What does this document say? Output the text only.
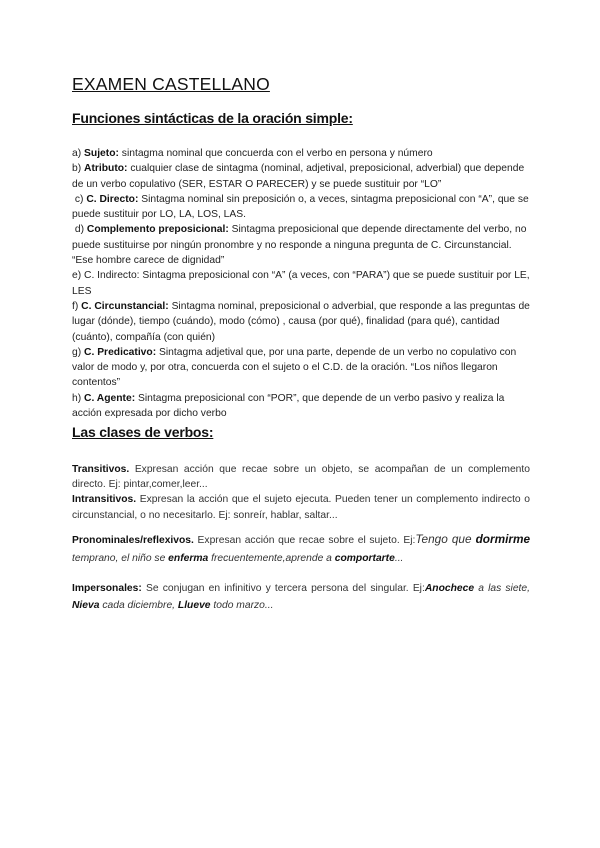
EXAMEN CASTELLANO
Funciones sintácticas de la oración simple:

a) Sujeto: sintagma nominal que concuerda con el verbo en persona y número

b) Atributo: cualquier clase de sintagma (nominal, adjetival, preposicional, adverbial) que depende de un verbo copulativo (SER, ESTAR O PARECER) y se puede sustituir por “LO”

c) C. Directo: Sintagma nominal sin preposición o, a veces, sintagma preposicional con “A”, que se puede sustituir por LO, LA, LOS, LAS.

d) Complemento preposicional: Sintagma preposicional que depende directamente del verbo, no puede sustituirse por ningún pronombre y no responde a ninguna pregunta de C. Circunstancial. “Ese hombre carece de dignidad”

e) C. Indirecto: Sintagma preposicional con “A” (a veces, con “PARA”) que se puede sustituir por LE, LES

f) C. Circunstancial: Sintagma nominal, preposicional o adverbial, que responde a las preguntas de lugar (dónde), tiempo (cuándo), modo (cómo) , causa (por qué), finalidad (para qué), cantidad (cuánto), compañía (con quién)

g) C. Predicativo: Sintagma adjetival que, por una parte, depende de un verbo no copulativo con valor de modo y, por otra, concuerda con el sujeto o el C.D. de la oración. “Los niños llegaron contentos”

h) C. Agente: Sintagma preposicional con “POR”, que depende de un verbo pasivo y realiza la acción expresada por dicho verbo

Las clases de verbos:

Transitivos. Expresan acción que recae sobre un objeto, se acompañan de un complemento directo. Ej: pintar,comer,leer...

Intransitivos. Expresan la acción que el sujeto ejecuta. Pueden tener un complemento indirecto o circunstancial, o no necesitarlo. Ej: sonreír, hablar, saltar...

Pronominales/reflexivos. Expresan acción que recae sobre el sujeto. Ej:Tengo que dormirme temprano, el niño se enferma frecuentemente,aprende a comportarte...

Impersonales: Se conjugan en infinitivo y tercera persona del singular. Ej:Anochece a las siete, Nieva cada diciembre, Llueve todo marzo...
